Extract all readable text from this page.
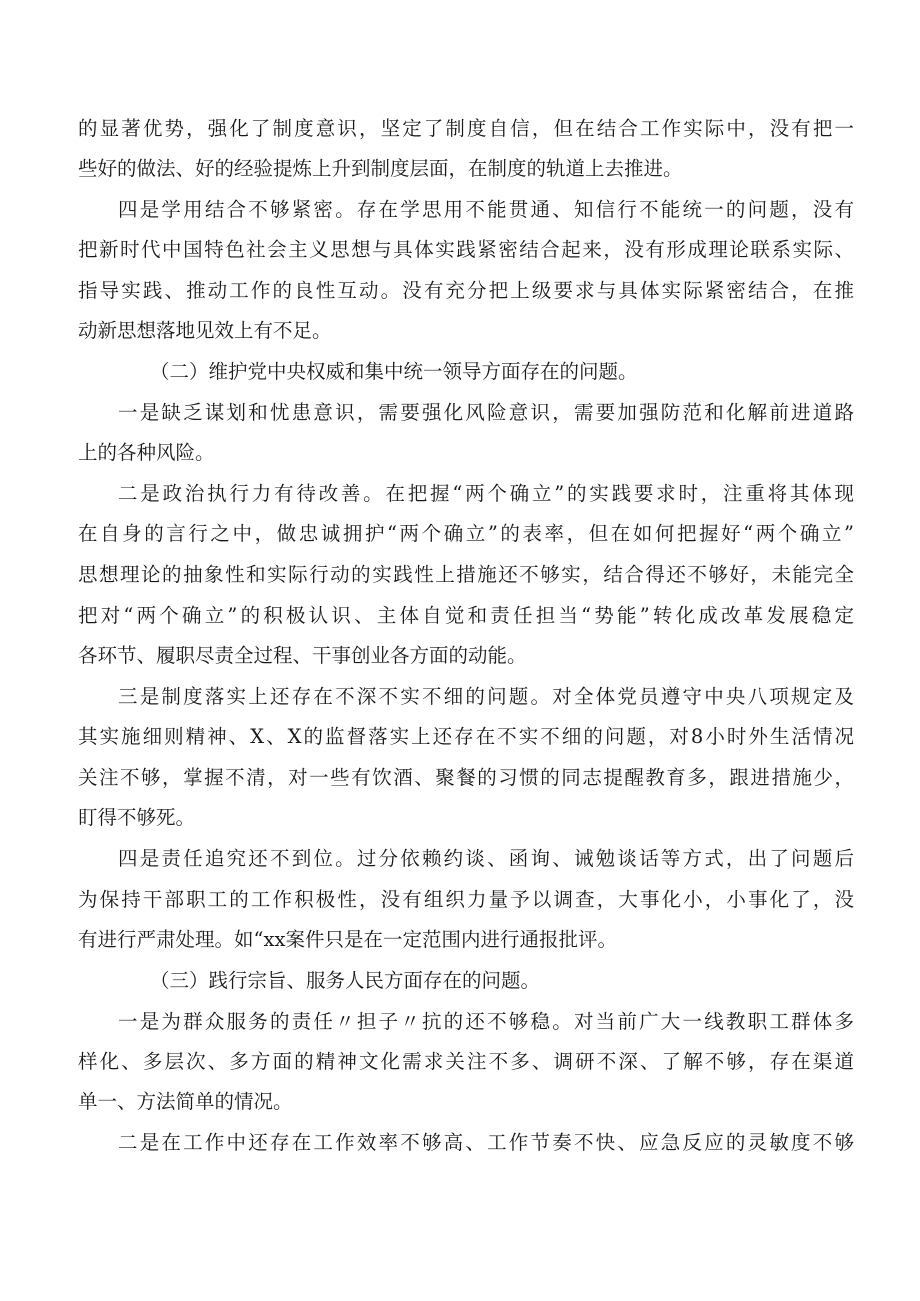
的显著优势，强化了制度意识，坚定了制度自信，但在结合工作实际中，没有把一
些好的做法、好的经验提炼上升到制度层面，在制度的轨道上去推进。
四是学用结合不够紧密。存在学思用不能贯通、知信行不能统一的问题，没有
把新时代中国特色社会主义思想与具体实践紧密结合起来，没有形成理论联系实际、
指导实践、推动工作的良性互动。没有充分把上级要求与具体实际紧密结合，在推
动新思想落地见效上有不足。
（二）维护党中央权威和集中统一领导方面存在的问题。
一是缺乏谋划和忧患意识，需要强化风险意识，需要加强防范和化解前进道路
上的各种风险。
二是政治执行力有待改善。在把握“两个确立”的实践要求时，注重将其体现
在自身的言行之中，做忠诚拥护“两个确立”的表率，但在如何把握好“两个确立”
思想理论的抽象性和实际行动的实践性上措施还不够实，结合得还不够好，未能完全
把对“两个确立”的积极认识、主体自觉和责任担当“势能”转化成改革发展稳定
各环节、履职尽责全过程、干事创业各方面的动能。
三是制度落实上还存在不深不实不细的问题。对全体党员遵守中央八项规定及
其实施细则精神、X、X的监督落实上还存在不实不细的问题，对8小时外生活情况
关注不够，掌握不清，对一些有饮酒、聚餐的习惯的同志提醒教育多，跟进措施少，
盯得不够死。
四是责任追究还不到位。过分依赖约谈、函询、诫勉谈话等方式，出了问题后
为保持干部职工的工作积极性，没有组织力量予以调查，大事化小，小事化了，没
有进行严肃处理。如“xx案件只是在一定范围内进行通报批评。
（三）践行宗旨、服务人民方面存在的问题。
一是为群众服务的责任〃担子〃抗的还不够稳。对当前广大一线教职工群体多
样化、多层次、多方面的精神文化需求关注不多、调研不深、了解不够，存在渠道
单一、方法简单的情况。
二是在工作中还存在工作效率不够高、工作节奏不快、应急反应的灵敏度不够
